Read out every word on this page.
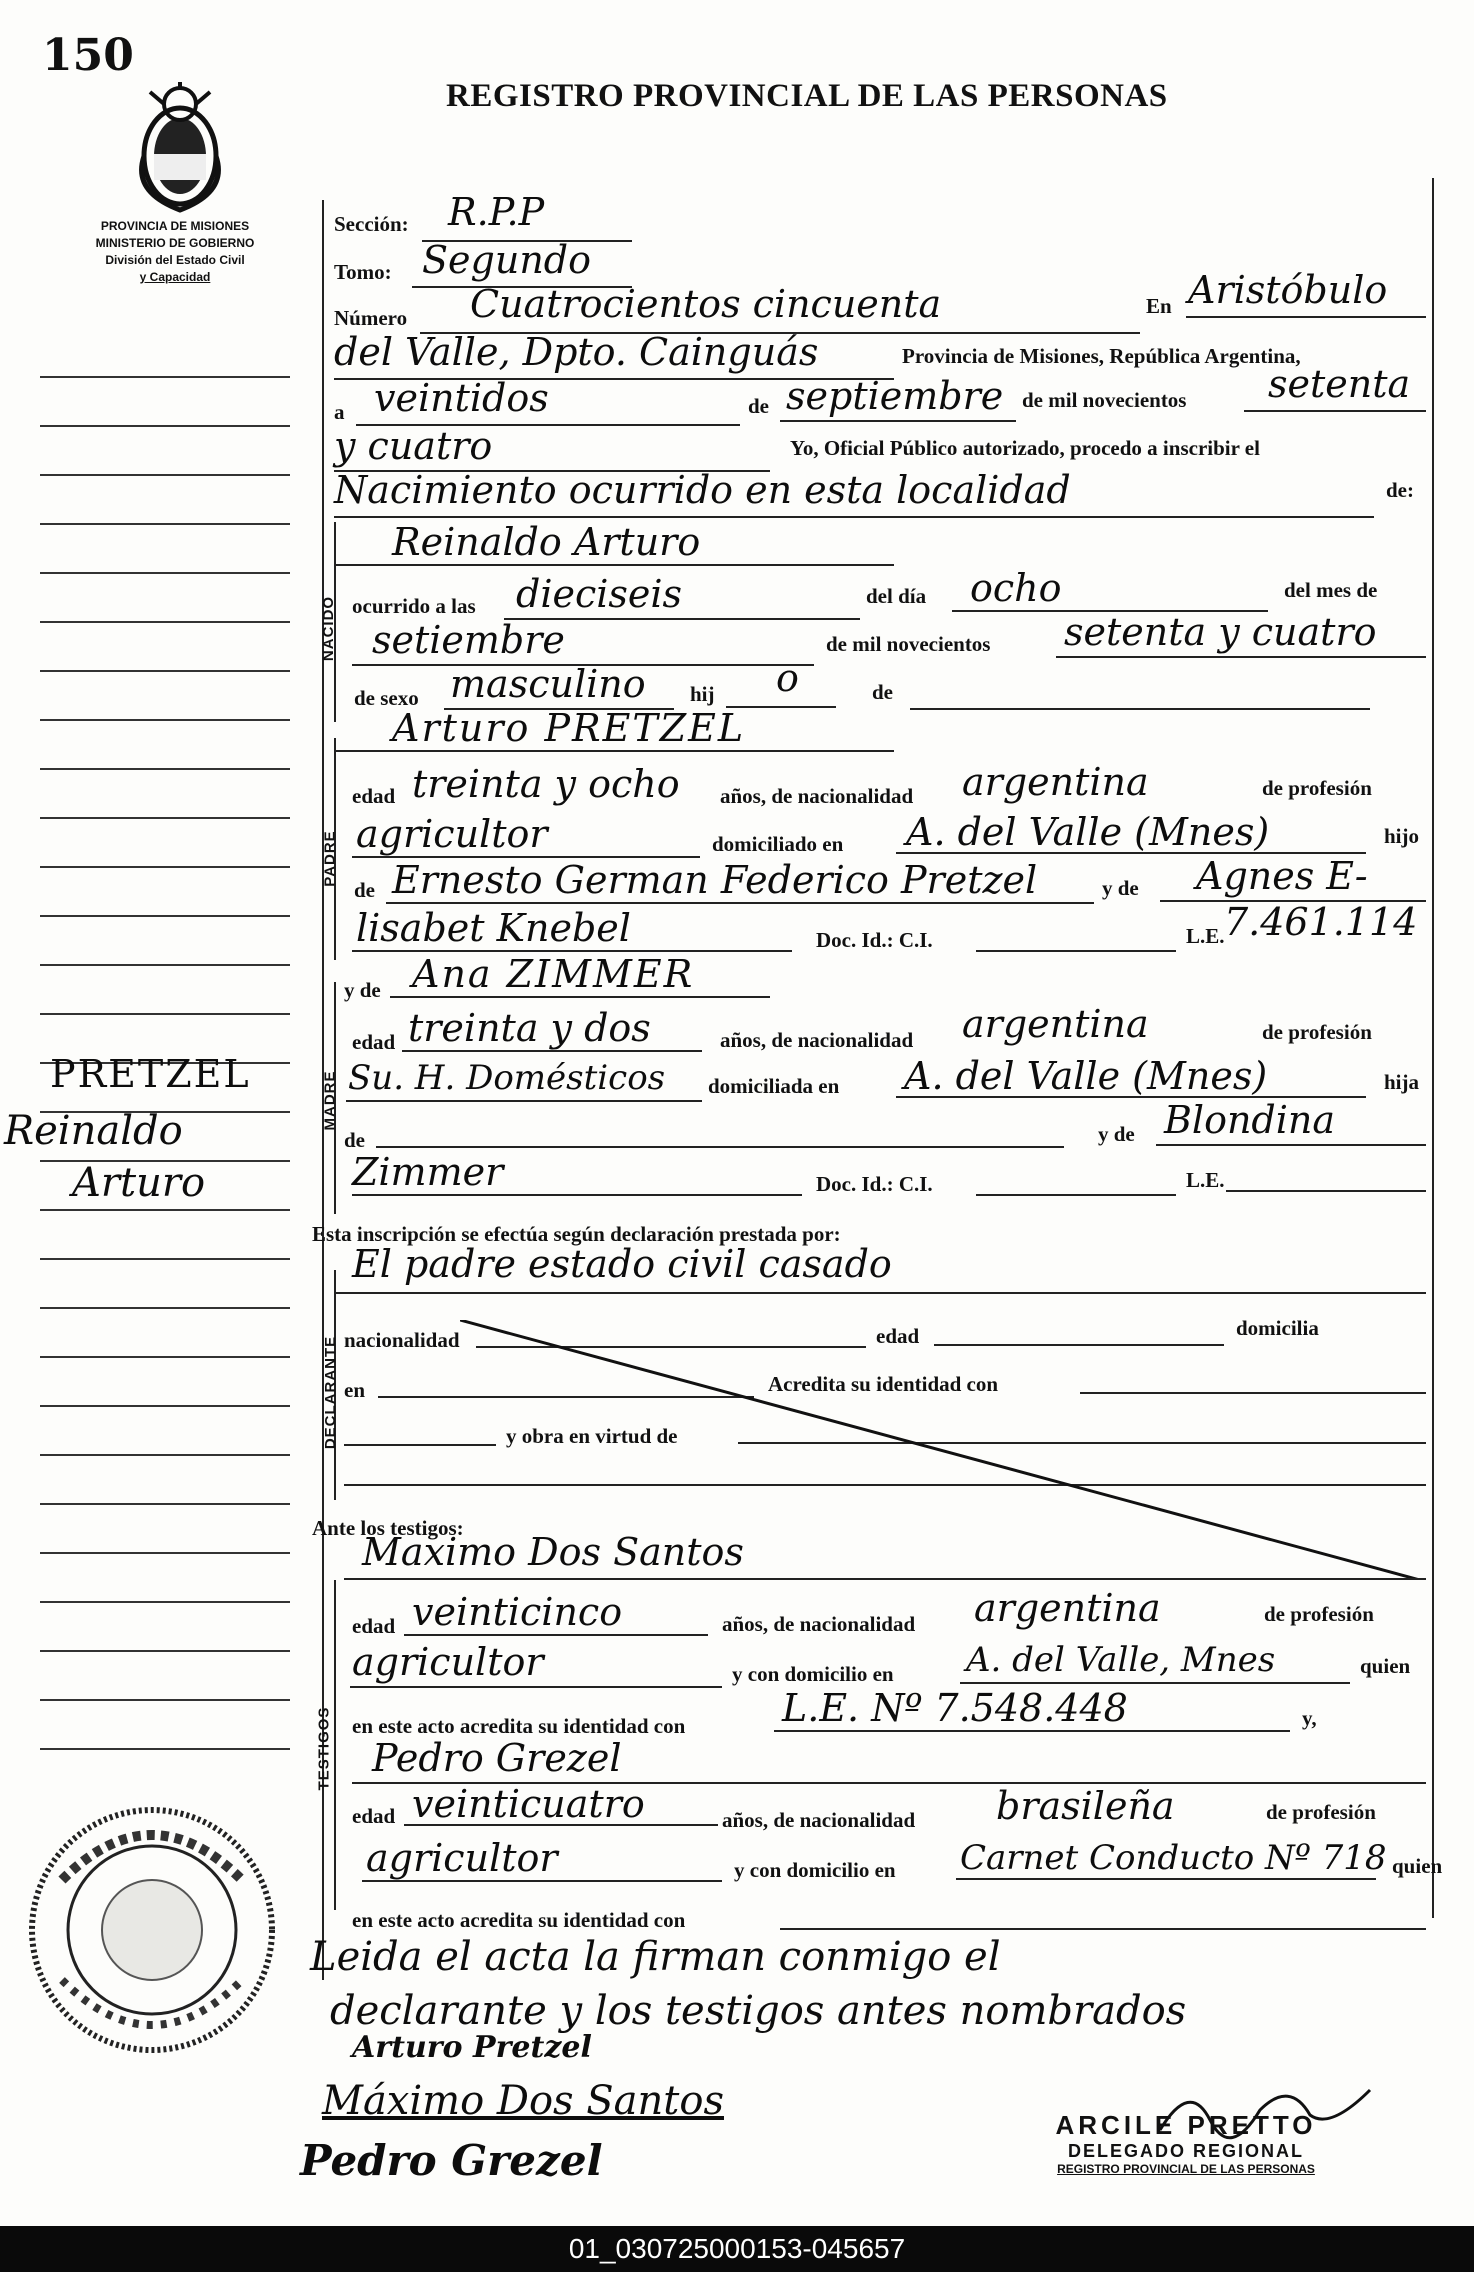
150
REGISTRO PROVINCIAL DE LAS PERSONAS
PROVINCIA DE MISIONES
MINISTERIO DE GOBIERNO
División del Estado Civil
y Capacidad
PRETZEL
Reinaldo
Arturo
NACIDO
PADRE
MADRE
DECLARANTE
TESTIGOS
Sección: R.P.P
Tomo: Segundo
Número Cuatrocientos cincuenta	En Aristóbulo
del Valle, Dpto. Cainguás	Provincia de Misiones, República Argentina,
a veintidos	de septiembre de mil novecientos setenta
y cuatro	Yo, Oficial Público autorizado, procedo a inscribir el
Nacimiento ocurrido en esta localidad	de:
Reinaldo Arturo
ocurrido a las dieciseis	del día ocho	del mes de
setiembre	de mil novecientos setenta y cuatro
de sexo masculino hij o	de
Arturo PRETZEL
edad treinta y ocho años, de nacionalidad argentina	de profesión
agricultor	domiciliado en A. del Valle (Mnes)	hijo
de Ernesto German Federico Pretzel	y de Agnes E-
lisabet Knebel	Doc. Id.: C.I.	L.E. 7.461.114
y de Ana ZIMMER
edad treinta y dos	años, de nacionalidad argentina	de profesión
Su. H. Domésticos domiciliada en A. del Valle (Mnes)	hija
de	y de Blondina
Zimmer	Doc. Id.: C.I.	L.E.
Esta inscripción se efectúa según declaración prestada por:
El padre estado civil casado
nacionalidad	edad	domicilia
en	Acredita su identidad con
y obra en virtud de
Ante los testigos:
Maximo Dos Santos
edad veinticinco	años, de nacionalidad argentina	de profesión
agricultor	y con domicilio en A. del Valle, Mnes	quien
en este acto acredita su identidad con	L.E. Nº 7.548.448	y,
Pedro Grezel
edad veinticuatro	años, de nacionalidad brasileña	de profesión
agricultor	y con domicilio en Carnet Conducto Nº 718 quien
en este acto acredita su identidad con
Leida el acta la firman conmigo el
declarante y los testigos antes nombrados
Arturo Pretzel
Máximo Dos Santos
Pedro Grezel
ARCILE PRETTO
DELEGADO REGIONAL
REGISTRO PROVINCIAL DE LAS PERSONAS
01_030725000153-045657
